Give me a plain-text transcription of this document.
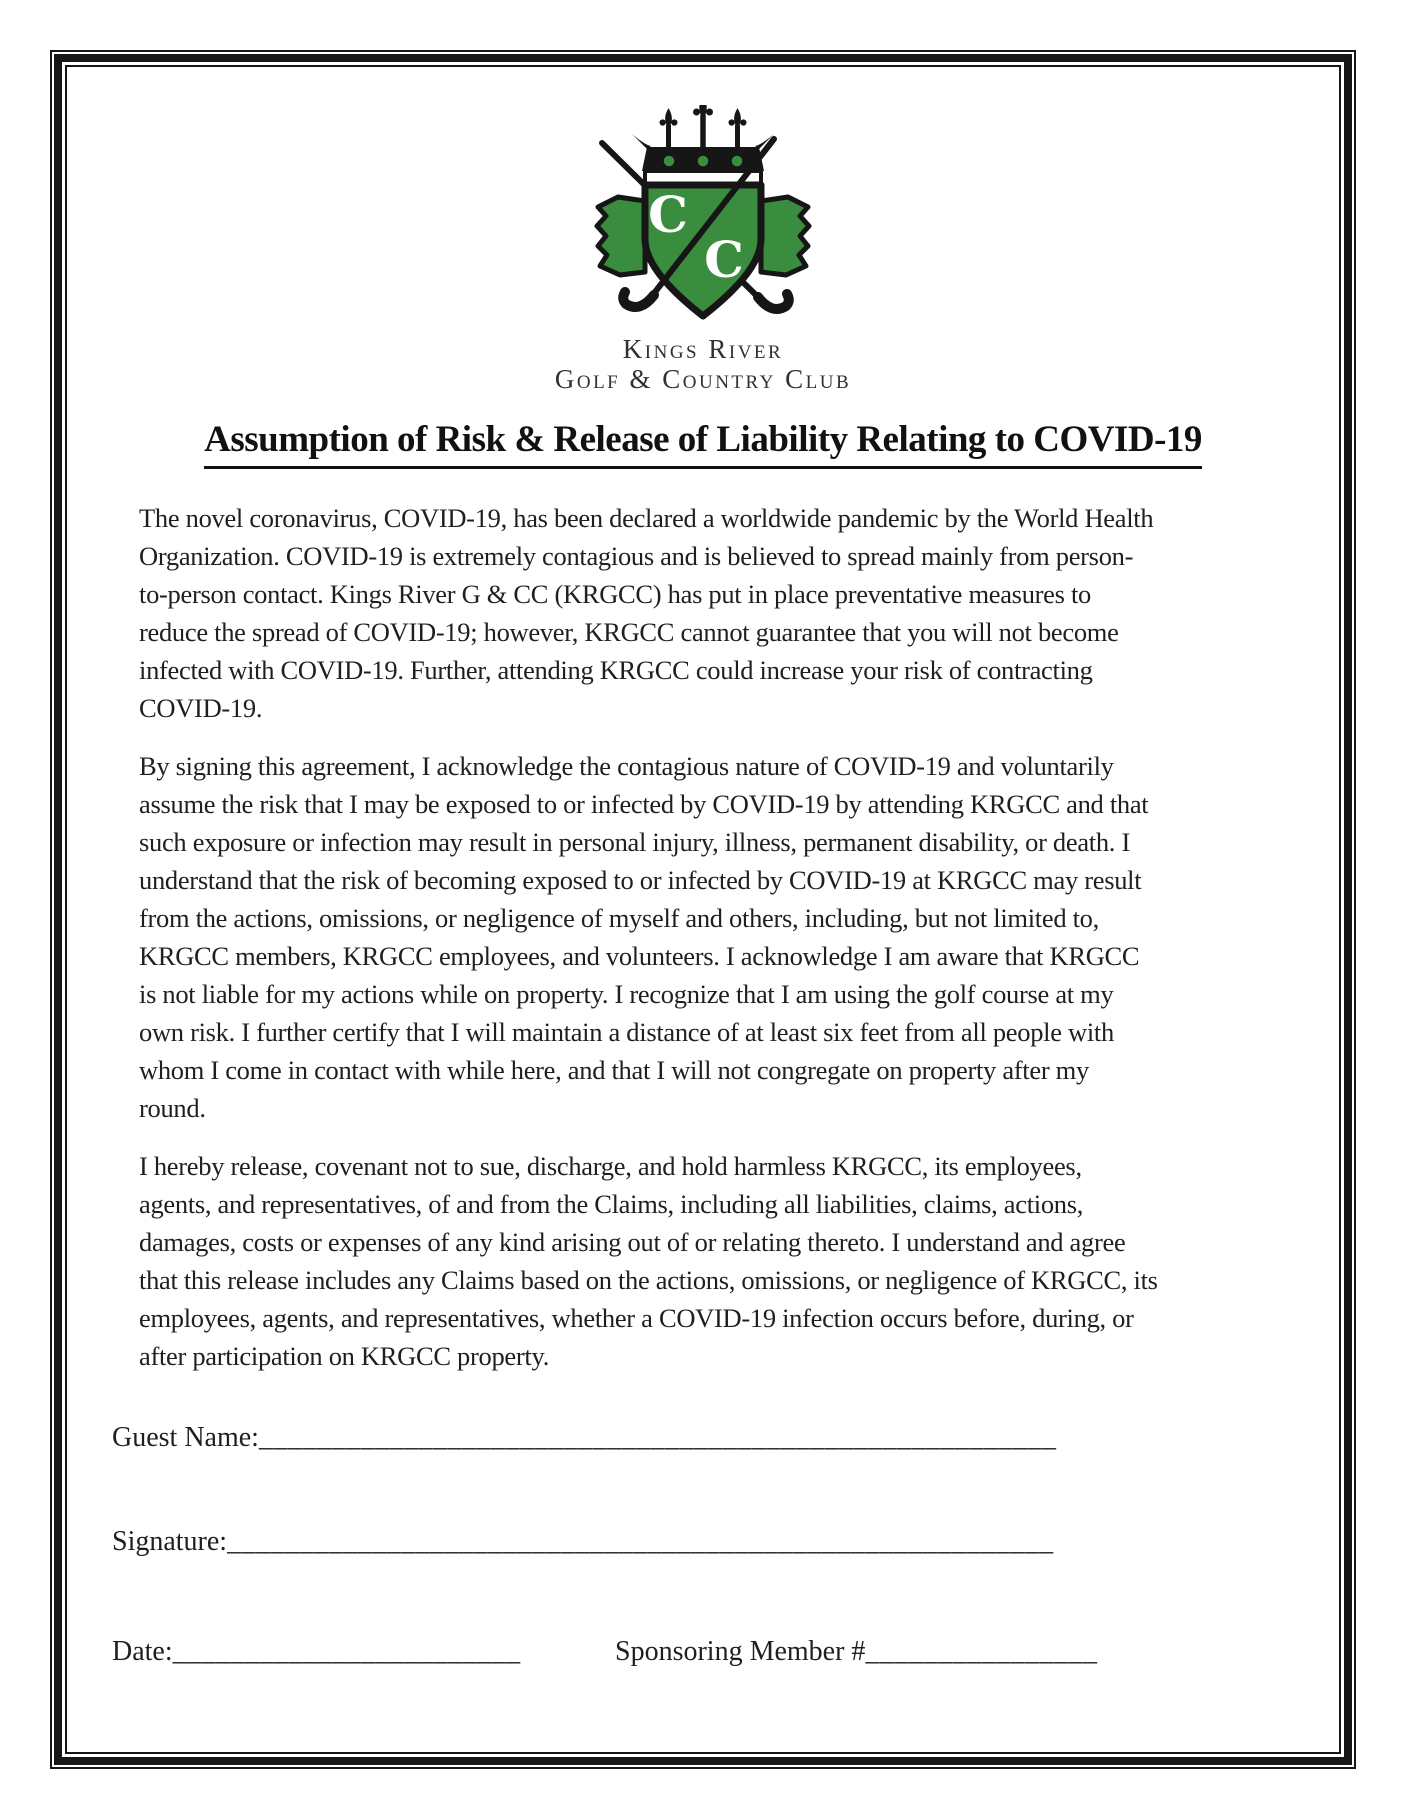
C
C
Kings River
Golf & Country Club
Assumption of Risk & Release of Liability Relating to COVID-19

The novel coronavirus, COVID-19, has been declared a worldwide pandemic by the World Health Organization. COVID-19 is extremely contagious and is believed to spread mainly from person-to-person contact. Kings River G & CC (KRGCC) has put in place preventative measures to reduce the spread of COVID-19; however, KRGCC cannot guarantee that you will not become infected with COVID-19. Further, attending KRGCC could increase your risk of contracting COVID-19.

By signing this agreement, I acknowledge the contagious nature of COVID-19 and voluntarily assume the risk that I may be exposed to or infected by COVID-19 by attending KRGCC and that such exposure or infection may result in personal injury, illness, permanent disability, or death. I understand that the risk of becoming exposed to or infected by COVID-19 at KRGCC may result from the actions, omissions, or negligence of myself and others, including, but not limited to, KRGCC members, KRGCC employees, and volunteers. I acknowledge I am aware that KRGCC is not liable for my actions while on property. I recognize that I am using the golf course at my own risk. I further certify that I will maintain a distance of at least six feet from all people with whom I come in contact with while here, and that I will not congregate on property after my round.

I hereby release, covenant not to sue, discharge, and hold harmless KRGCC, its employees, agents, and representatives, of and from the Claims, including all liabilities, claims, actions, damages, costs or expenses of any kind arising out of or relating thereto. I understand and agree that this release includes any Claims based on the actions, omissions, or negligence of KRGCC, its employees, agents, and representatives, whether a COVID-19 infection occurs before, during, or after participation on KRGCC property.

Guest Name:_______________________________________________________
Signature:_________________________________________________________
Date:________________________	Sponsoring Member #________________
